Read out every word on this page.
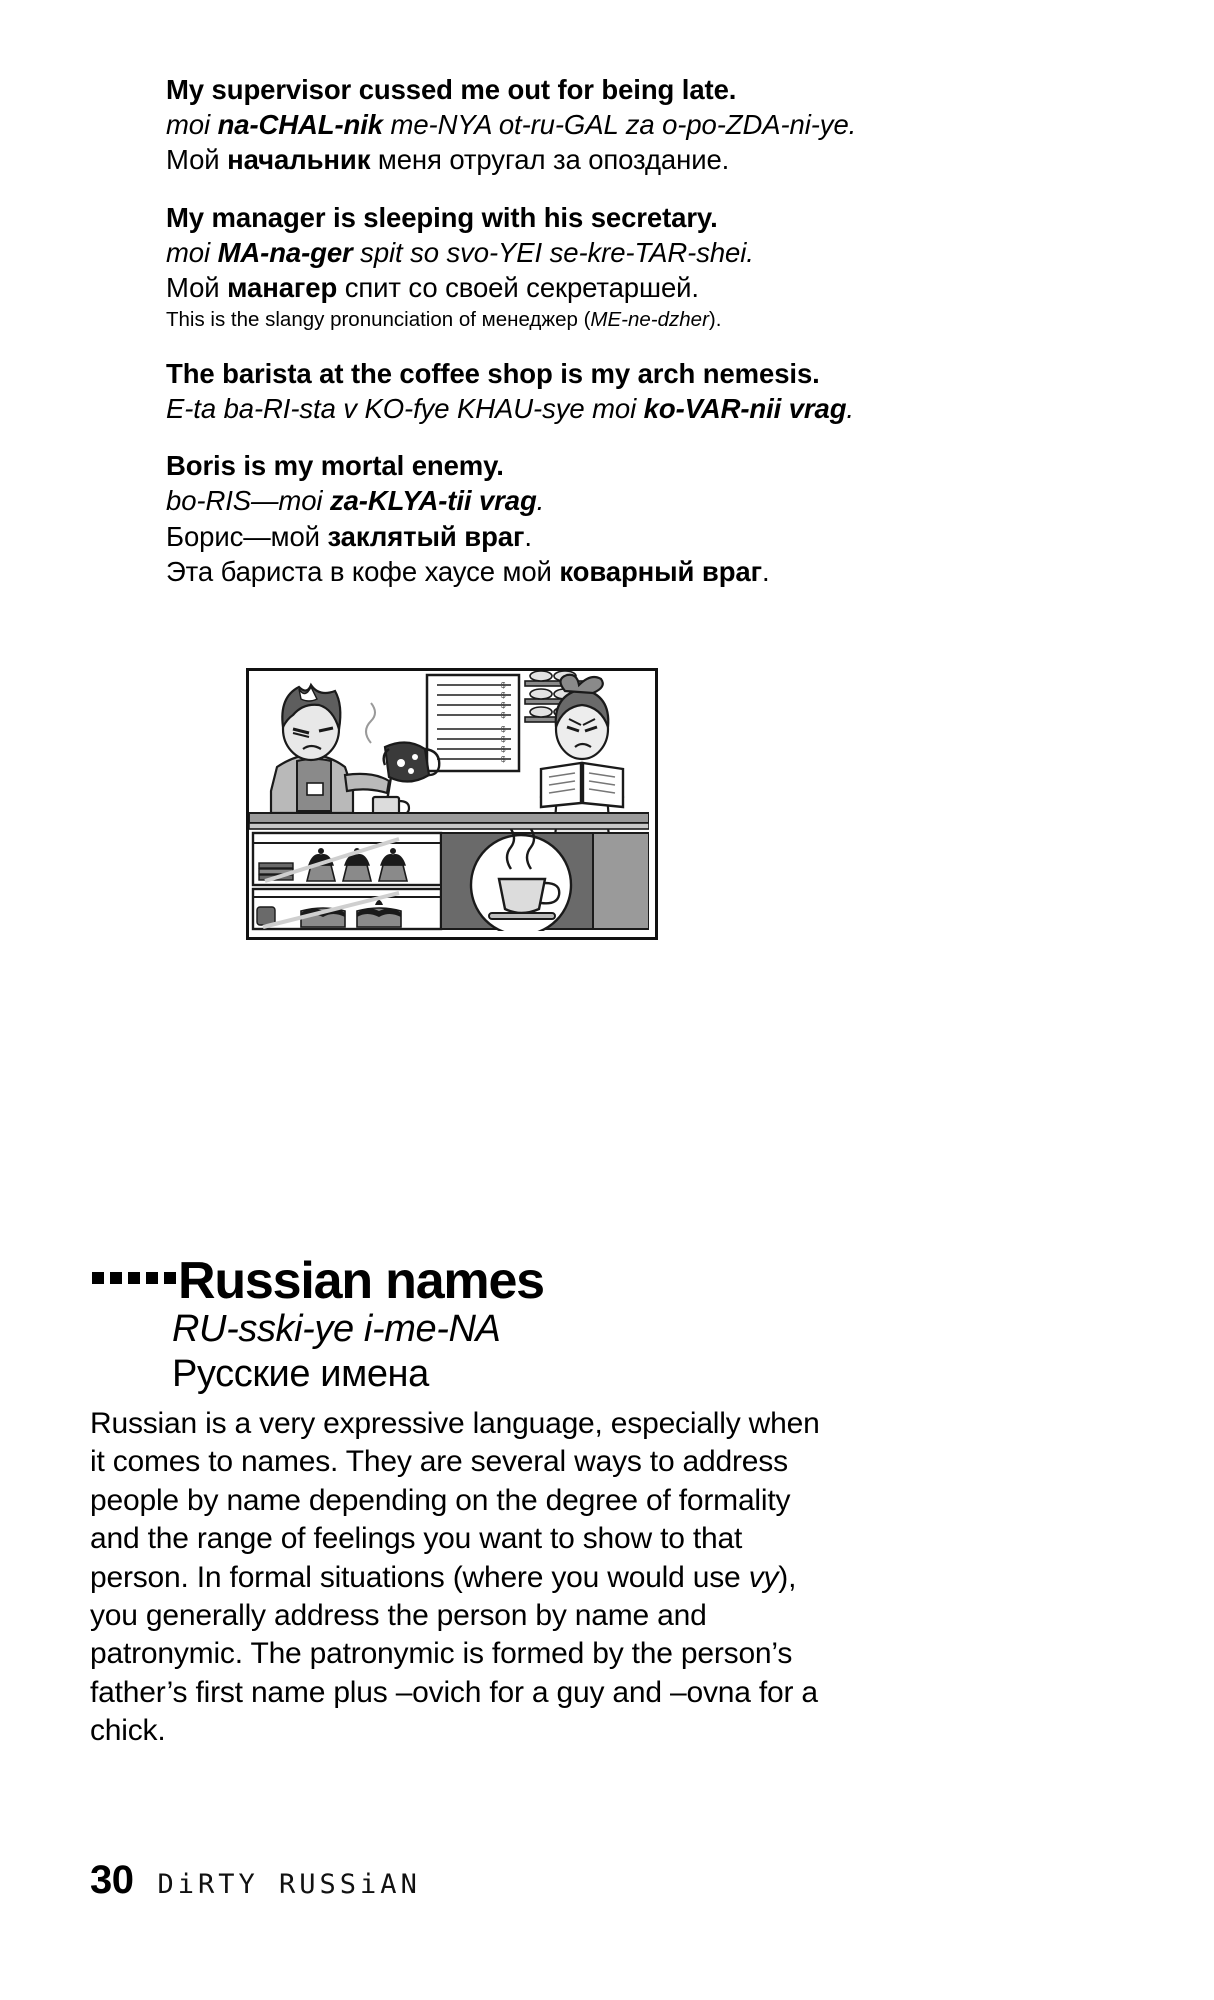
My supervisor cussed me out for being late.
moi na-CHAL-nik me-NYA ot-ru-GAL za o-po-ZDA-ni-ye.
Мой начальник меня отругал за опоздание.
My manager is sleeping with his secretary.
moi MA-na-ger spit so svo-YEI se-kre-TAR-shei.
Мой манагер спит со своей секретаршей.
This is the slangy pronunciation of менеджер (ME-ne-dzher).
The barista at the coffee shop is my arch nemesis.
E-ta ba-RI-sta v KO-fye KHAU-sye moi ko-VAR-nii vrag.
Boris is my mortal enemy.
bo-RIS—moi za-KLYA-tii vrag.
Борис—мой заклятый враг.
Эта бариста в кофе хаусе мой коварный враг.
$
$
$
$
$
$
$
$
Russian names
RU-sski-ye i-me-NA
Русские имена
Russian is a very expressive language, especially when it comes to names. They are several ways to address people by name depending on the degree of formality and the range of feelings you want to show to that person. In formal situations (where you would use vy), you generally address the person by name and patronymic. The patronymic is formed by the person’s father’s first name plus –ovich for a guy and –ovna for a chick.
30 DiRTY RUSSiAN
